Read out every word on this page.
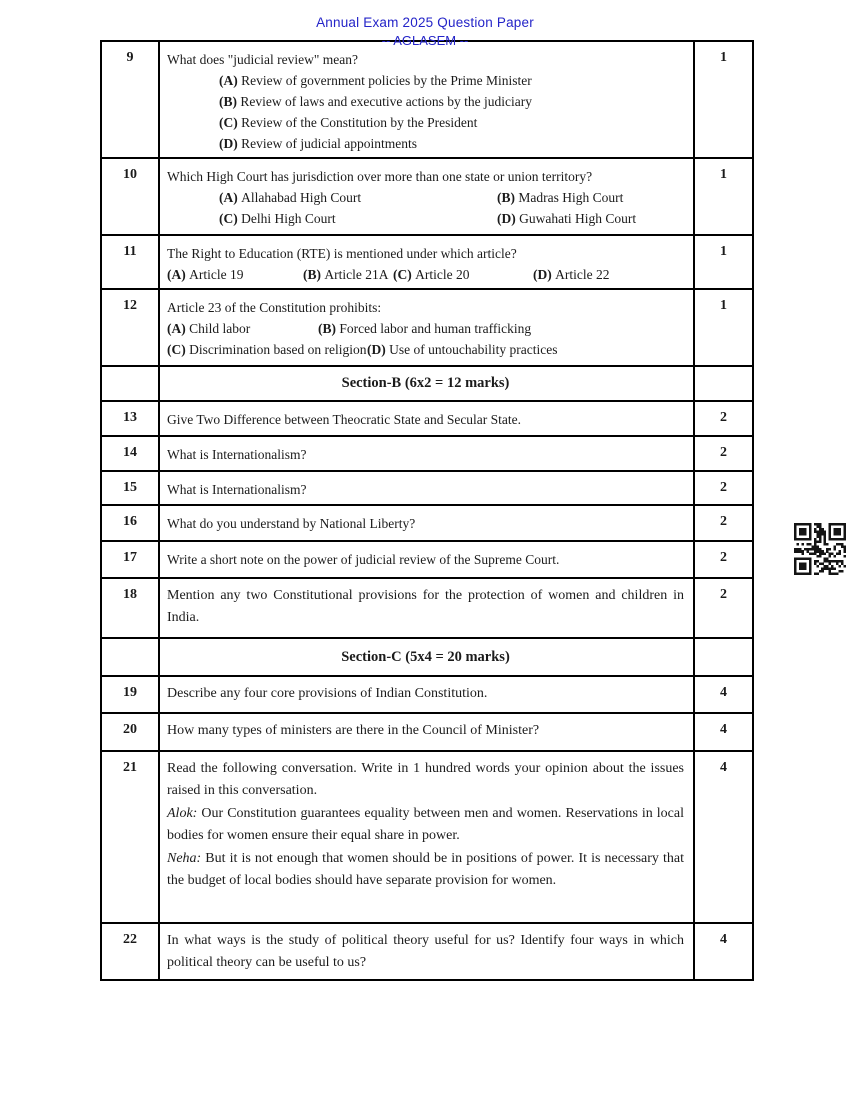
Annual Exam 2025 Question Paper
-- AGLASEM --
9	What does "judicial review" mean?

(A) Review of government policies by the Prime Minister
(B) Review of laws and executive actions by the judiciary
(C) Review of the Constitution by the President
(D) Review of judicial appointments
1
10	Which High Court has jurisdiction over more than one state or union territory?

(A) Allahabad High Court	(B) Madras High Court
(C) Delhi High Court	(D) Guwahati High Court
1
11	The Right to Education (RTE) is mentioned under which article?

(A) Article 19	(B) Article 21A (C) Article 20	(D) Article 22
1
12	Article 23 of the Constitution prohibits:

(A) Child labor	(B) Forced labor and human trafficking
(C) Discrimination based on religion(D) Use of untouchability practices
1
Section-B (6x2 = 12 marks)
13	Give Two Difference between Theocratic State and Secular State.	2
14	What is Internationalism?	2
15	What is Internationalism?	2
16	What do you understand by National Liberty?	2
17	Write a short note on the power of judicial review of the Supreme Court.	2
18	Mention any two Constitutional provisions for the protection of women and children in India.

2
Section-C (5x4 = 20 marks)
19	Describe any four core provisions of Indian Constitution.	4
20	How many types of ministers are there in the Council of Minister?	4
21	Read the following conversation. Write in 1 hundred words your opinion about the issues raised in this conversation.

Alok: Our Constitution guarantees equality between men and women. Reservations in local bodies for women ensure their equal share in power.

Neha: But it is not enough that women should be in positions of power. It is necessary that the budget of local bodies should have separate provision for women.

4
22	In what ways is the study of political theory useful for us? Identify four ways in which political theory can be useful to us?

4
